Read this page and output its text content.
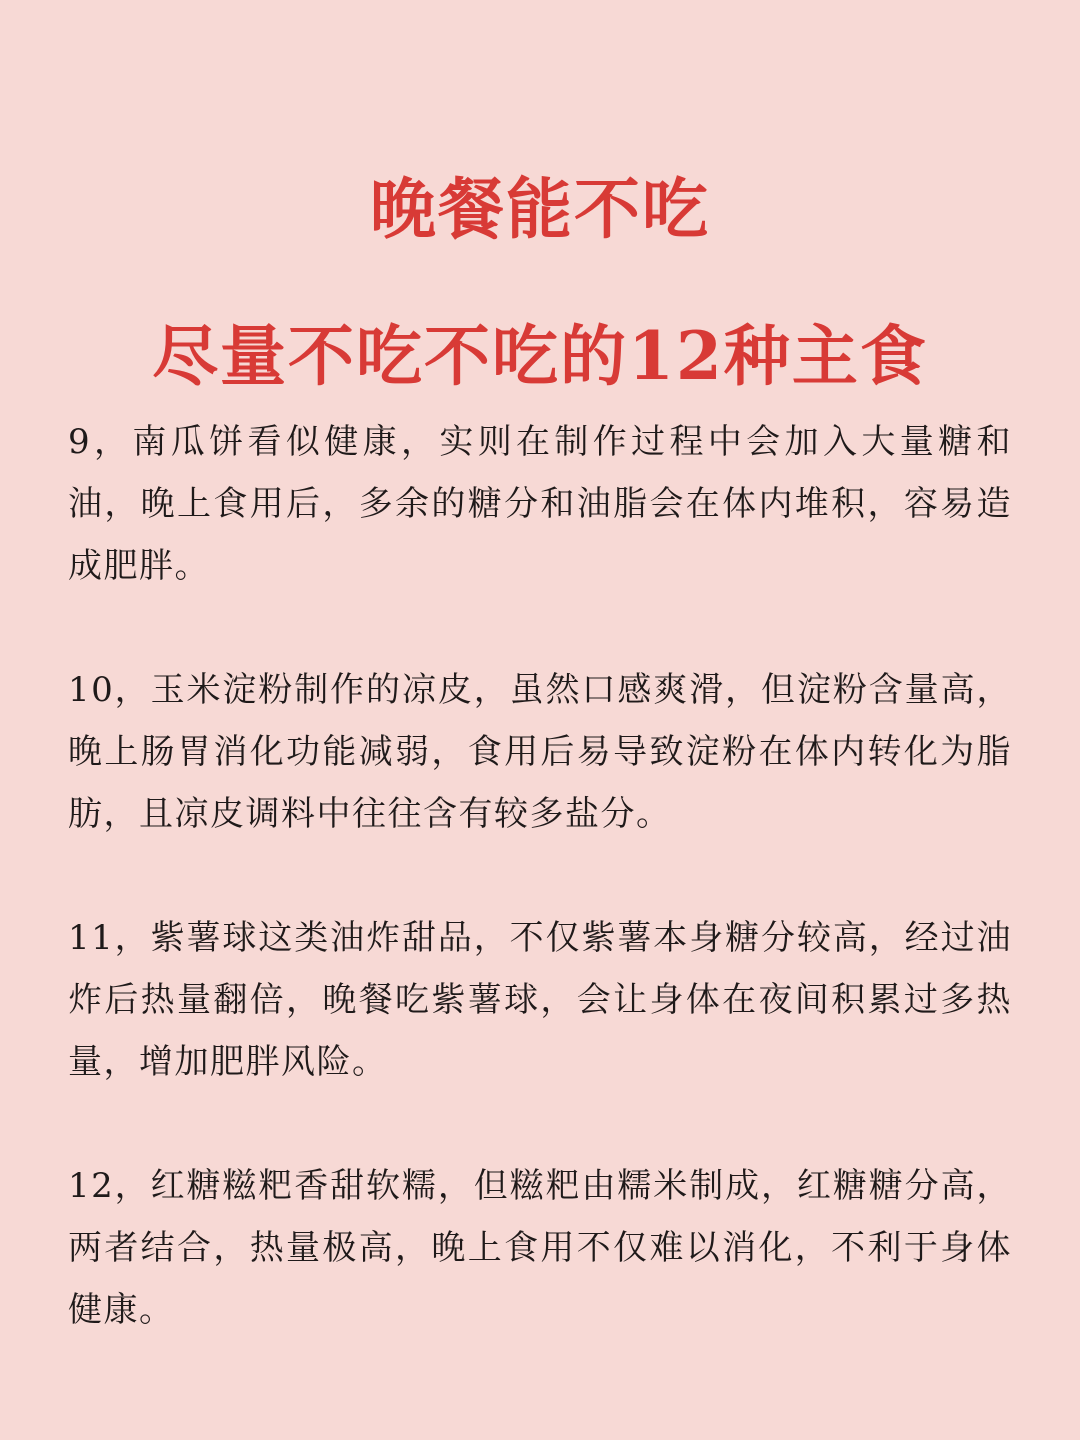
晚餐能不吃
尽量不吃不吃的12种主食

9，南瓜饼看似健康，实则在制作过程中会加入大量糖和油，晚上食用后，多余的糖分和油脂会在体内堆积，容易造成肥胖。

10，玉米淀粉制作的凉皮，虽然口感爽滑，但淀粉含量高，晚上肠胃消化功能减弱，食用后易导致淀粉在体内转化为脂肪，且凉皮调料中往往含有较多盐分。

11，紫薯球这类油炸甜品，不仅紫薯本身糖分较高，经过油炸后热量翻倍，晚餐吃紫薯球，会让身体在夜间积累过多热量，增加肥胖风险。

12，红糖糍粑香甜软糯，但糍粑由糯米制成，红糖糖分高，两者结合，热量极高，晚上食用不仅难以消化，不利于身体健康。
